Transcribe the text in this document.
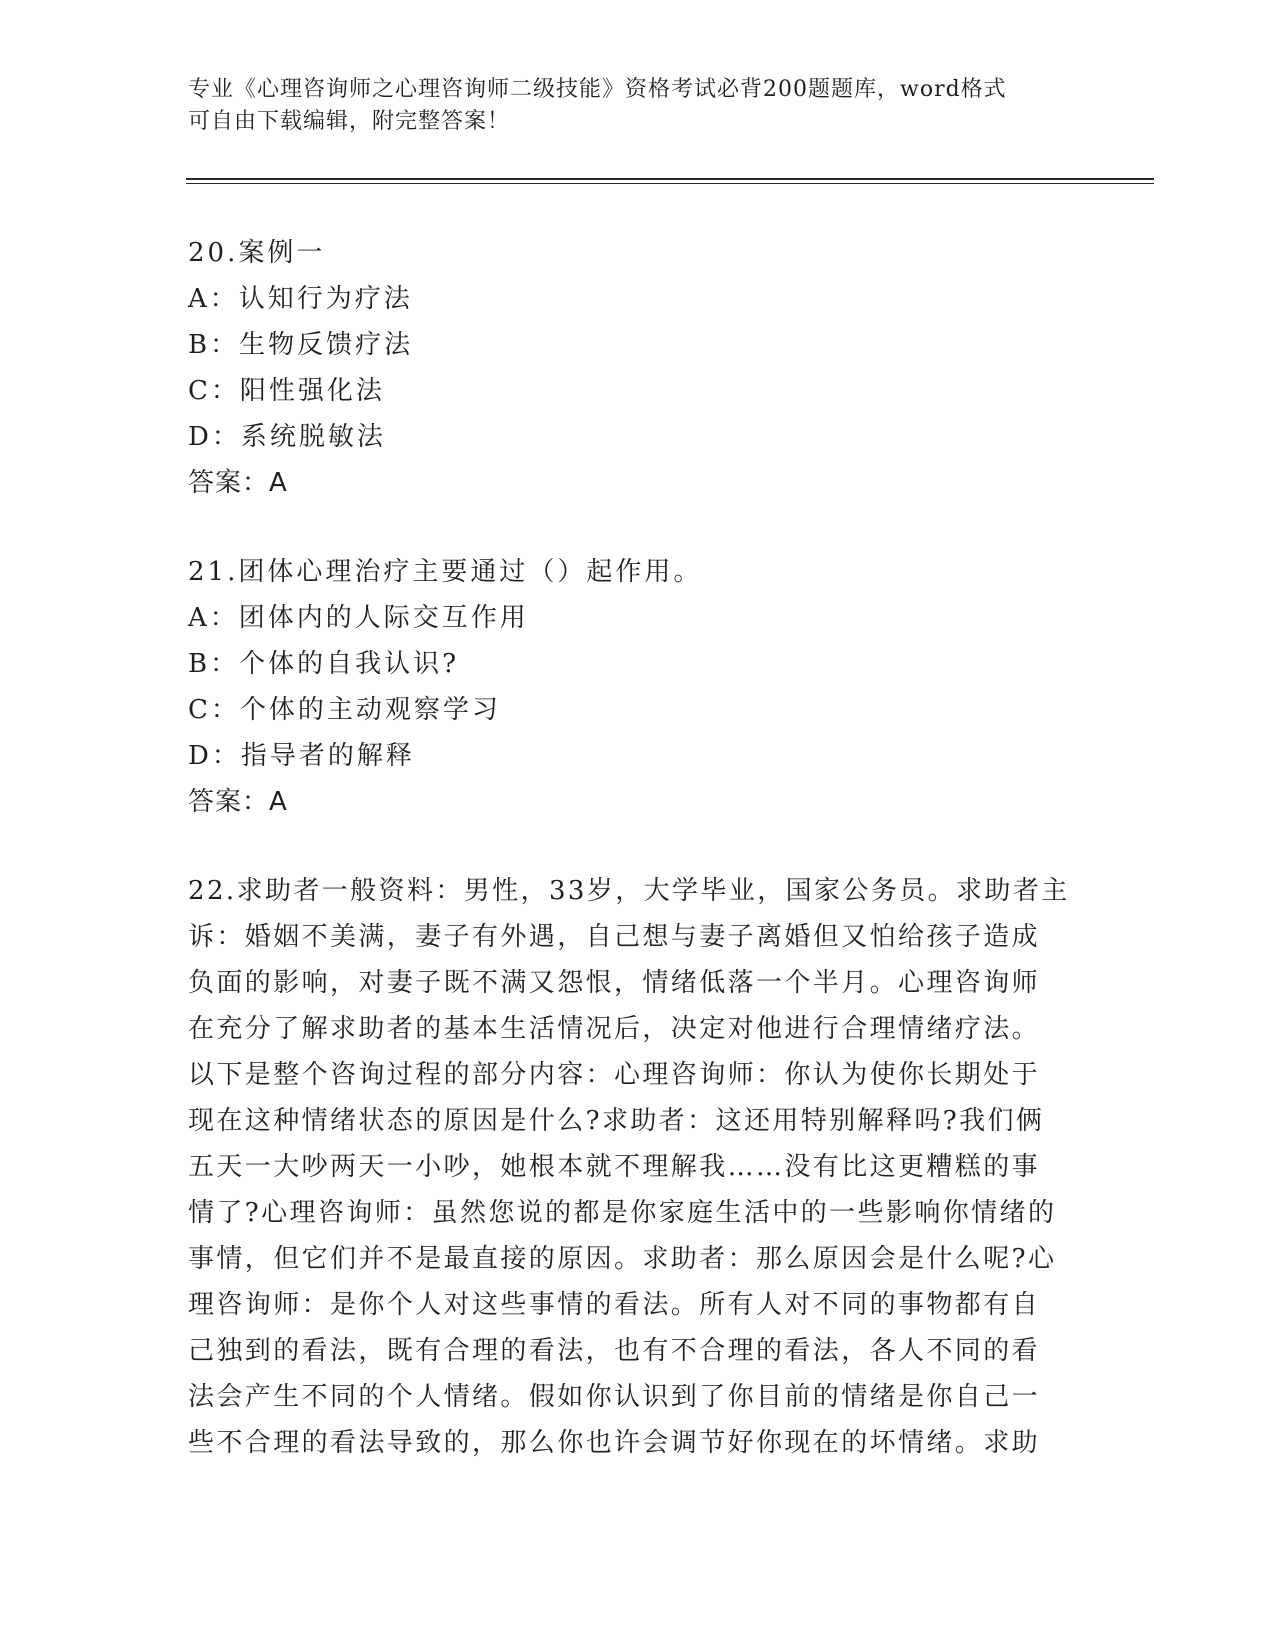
专业《心理咨询师之心理咨询师二级技能》资格考试必背200题题库，word格式
可自由下载编辑，附完整答案！
20.案例一
A：认知行为疗法
B：生物反馈疗法
C：阳性强化法
D：系统脱敏法
答案：A
21.团体心理治疗主要通过（）起作用。
A：团体内的人际交互作用
B：个体的自我认识?
C：个体的主动观察学习
D：指导者的解释
答案：A
22.求助者一般资料：男性，33岁，大学毕业，国家公务员。求助者主
诉：婚姻不美满，妻子有外遇，自己想与妻子离婚但又怕给孩子造成
负面的影响，对妻子既不满又怨恨，情绪低落一个半月。心理咨询师
在充分了解求助者的基本生活情况后，决定对他进行合理情绪疗法。
以下是整个咨询过程的部分内容：心理咨询师：你认为使你长期处于
现在这种情绪状态的原因是什么?求助者：这还用特别解释吗?我们俩
五天一大吵两天一小吵，她根本就不理解我……没有比这更糟糕的事
情了?心理咨询师：虽然您说的都是你家庭生活中的一些影响你情绪的
事情，但它们并不是最直接的原因。求助者：那么原因会是什么呢?心
理咨询师：是你个人对这些事情的看法。所有人对不同的事物都有自
己独到的看法，既有合理的看法，也有不合理的看法，各人不同的看
法会产生不同的个人情绪。假如你认识到了你目前的情绪是你自己一
些不合理的看法导致的，那么你也许会调节好你现在的坏情绪。求助
